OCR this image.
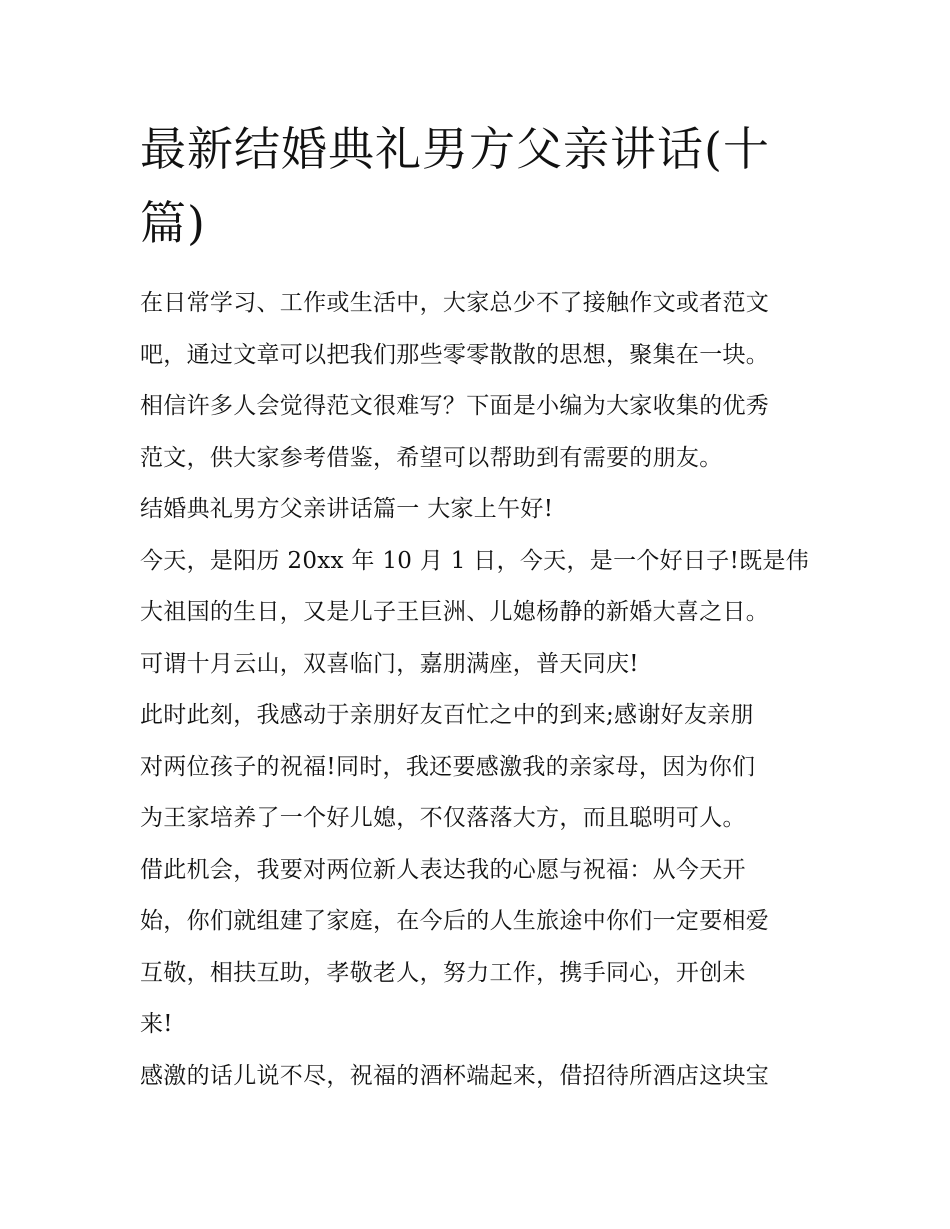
最新结婚典礼男方父亲讲话(十
篇)
在日常学习、工作或生活中，大家总少不了接触作文或者范文
吧，通过文章可以把我们那些零零散散的思想，聚集在一块。
相信许多人会觉得范文很难写？下面是小编为大家收集的优秀
范文，供大家参考借鉴，希望可以帮助到有需要的朋友。
结婚典礼男方父亲讲话篇一 大家上午好!
今天，是阳历 20xx 年 10 月 1 日，今天，是一个好日子!既是伟
大祖国的生日，又是儿子王巨洲、儿媳杨静的新婚大喜之日。
可谓十月云山，双喜临门，嘉朋满座，普天同庆!
此时此刻，我感动于亲朋好友百忙之中的到来;感谢好友亲朋
对两位孩子的祝福!同时，我还要感激我的亲家母，因为你们
为王家培养了一个好儿媳，不仅落落大方，而且聪明可人。
借此机会，我要对两位新人表达我的心愿与祝福：从今天开
始，你们就组建了家庭，在今后的人生旅途中你们一定要相爱
互敬，相扶互助，孝敬老人，努力工作，携手同心，开创未
来!
感激的话儿说不尽，祝福的酒杯端起来，借招待所酒店这块宝
